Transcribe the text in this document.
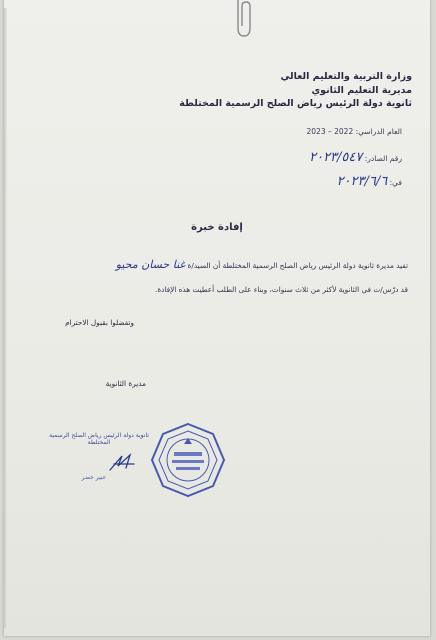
وزارة التربية والتعليم العالي
مديرية التعليم الثانوي
ثانوية دولة الرئيس رياض الصلح الرسمية المختلطة
العام الدراسي: 2022 – 2023
رقم الصادر: ٢٠٢٣/٥٤٧
في: ٢٠٢٣/٦/٦
إفادة خبرة
تفيد مديرة ثانوية دولة الرئيس رياض الصلح الرسمية المختلطة أن السيد/ة غنا حسان محيو
قد درّس/ت في الثانوية لأكثر من ثلاث سنوات، وبناء على الطلب أعطيت هذه الإفادة.
وتفضلوا بقبول الاحترام
مديرة الثانوية
ثانوية دولة الرئيس رياض الصلح الرسمية المختلطة
عبير خضر
